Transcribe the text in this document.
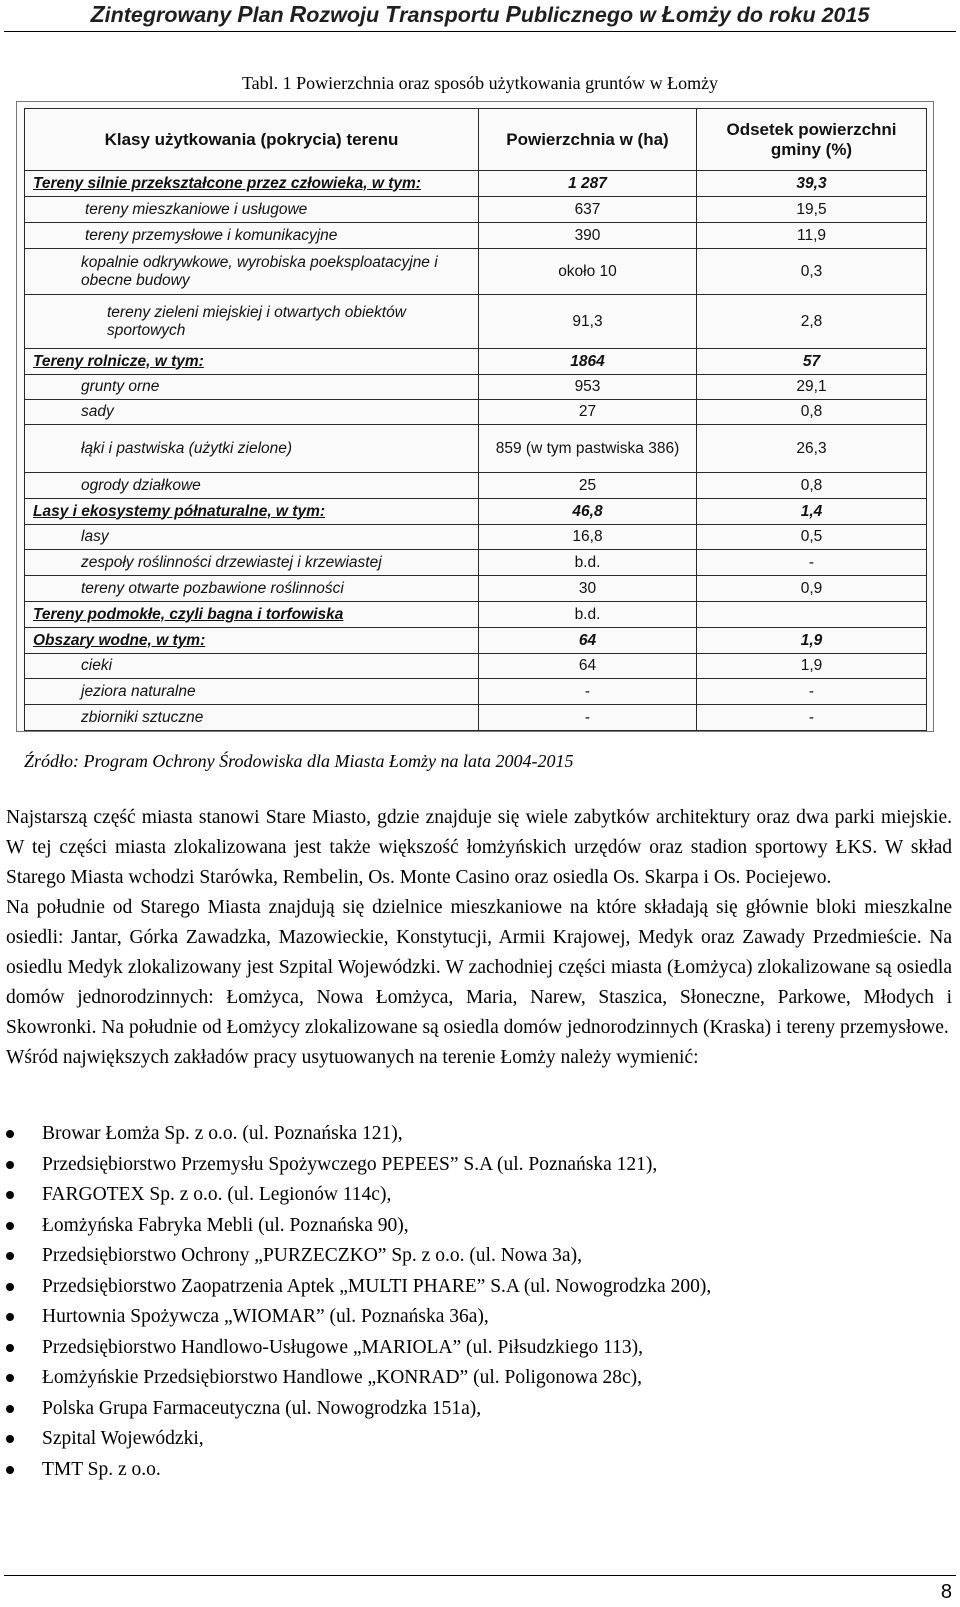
Zintegrowany Plan Rozwoju Transportu Publicznego w Łomży do roku 2015
Tabl. 1 Powierzchnia oraz sposób użytkowania gruntów w Łomży
Klasy użytkowania (pokrycia) terenu	Powierzchnia w (ha)	Odsetek powierzchni gminy (%)
Tereny silnie przekształcone przez człowieka, w tym:	1 287	39,3
tereny mieszkaniowe i usługowe	637	19,5
tereny przemysłowe i komunikacyjne	390	11,9
kopalnie odkrywkowe, wyrobiska poeksploatacyjne i obecne budowy	około 10	0,3
tereny zieleni miejskiej i otwartych obiektów sportowych	91,3	2,8
Tereny rolnicze, w tym:	1864	57
grunty orne	953	29,1
sady	27	0,8
łąki i pastwiska (użytki zielone)	859 (w tym pastwiska 386)	26,3
ogrody działkowe	25	0,8
Lasy i ekosystemy półnaturalne, w tym:	46,8	1,4
lasy	16,8	0,5
zespoły roślinności drzewiastej i krzewiastej	b.d.	-
tereny otwarte pozbawione roślinności	30	0,9
Tereny podmokłe, czyli bagna i torfowiska	b.d.	
Obszary wodne, w tym:	64	1,9
cieki	64	1,9
jeziora naturalne	-	-
zbiorniki sztuczne	-	-
Źródło: Program Ochrony Środowiska dla Miasta Łomży na lata 2004-2015

Najstarszą część miasta stanowi Stare Miasto, gdzie znajduje się wiele zabytków architektury oraz dwa parki miejskie. W tej części miasta zlokalizowana jest także większość łomżyńskich urzędów oraz stadion sportowy ŁKS. W skład Starego Miasta wchodzi Starówka, Rembelin, Os. Monte Casino oraz osiedla Os. Skarpa i Os. Pociejewo.

Na południe od Starego Miasta znajdują się dzielnice mieszkaniowe na które składają się głównie bloki mieszkalne osiedli: Jantar, Górka Zawadzka, Mazowieckie, Konstytucji, Armii Krajowej, Medyk oraz Zawady Przedmieście. Na osiedlu Medyk zlokalizowany jest Szpital Wojewódzki. W zachodniej części miasta (Łomżyca) zlokalizowane są osiedla domów jednorodzinnych: Łomżyca, Nowa Łomżyca, Maria, Narew, Staszica, Słoneczne, Parkowe, Młodych i Skowronki. Na południe od Łomżycy zlokalizowane są osiedla domów jednorodzinnych (Kraska) i tereny przemysłowe.

Wśród największych zakładów pracy usytuowanych na terenie Łomży należy wymienić:

Browar Łomża Sp. z o.o. (ul. Poznańska 121),
Przedsiębiorstwo Przemysłu Spożywczego PEPEES” S.A (ul. Poznańska 121),
FARGOTEX Sp. z o.o. (ul. Legionów 114c),
Łomżyńska Fabryka Mebli (ul. Poznańska 90),
Przedsiębiorstwo Ochrony „PURZECZKO” Sp. z o.o. (ul. Nowa 3a),
Przedsiębiorstwo Zaopatrzenia Aptek „MULTI PHARE” S.A (ul. Nowogrodzka 200),
Hurtownia Spożywcza „WIOMAR” (ul. Poznańska 36a),
Przedsiębiorstwo Handlowo-Usługowe „MARIOLA” (ul. Piłsudzkiego 113),
Łomżyńskie Przedsiębiorstwo Handlowe „KONRAD” (ul. Poligonowa 28c),
Polska Grupa Farmaceutyczna (ul. Nowogrodzka 151a),
Szpital Wojewódzki,
TMT Sp. z o.o.
8
